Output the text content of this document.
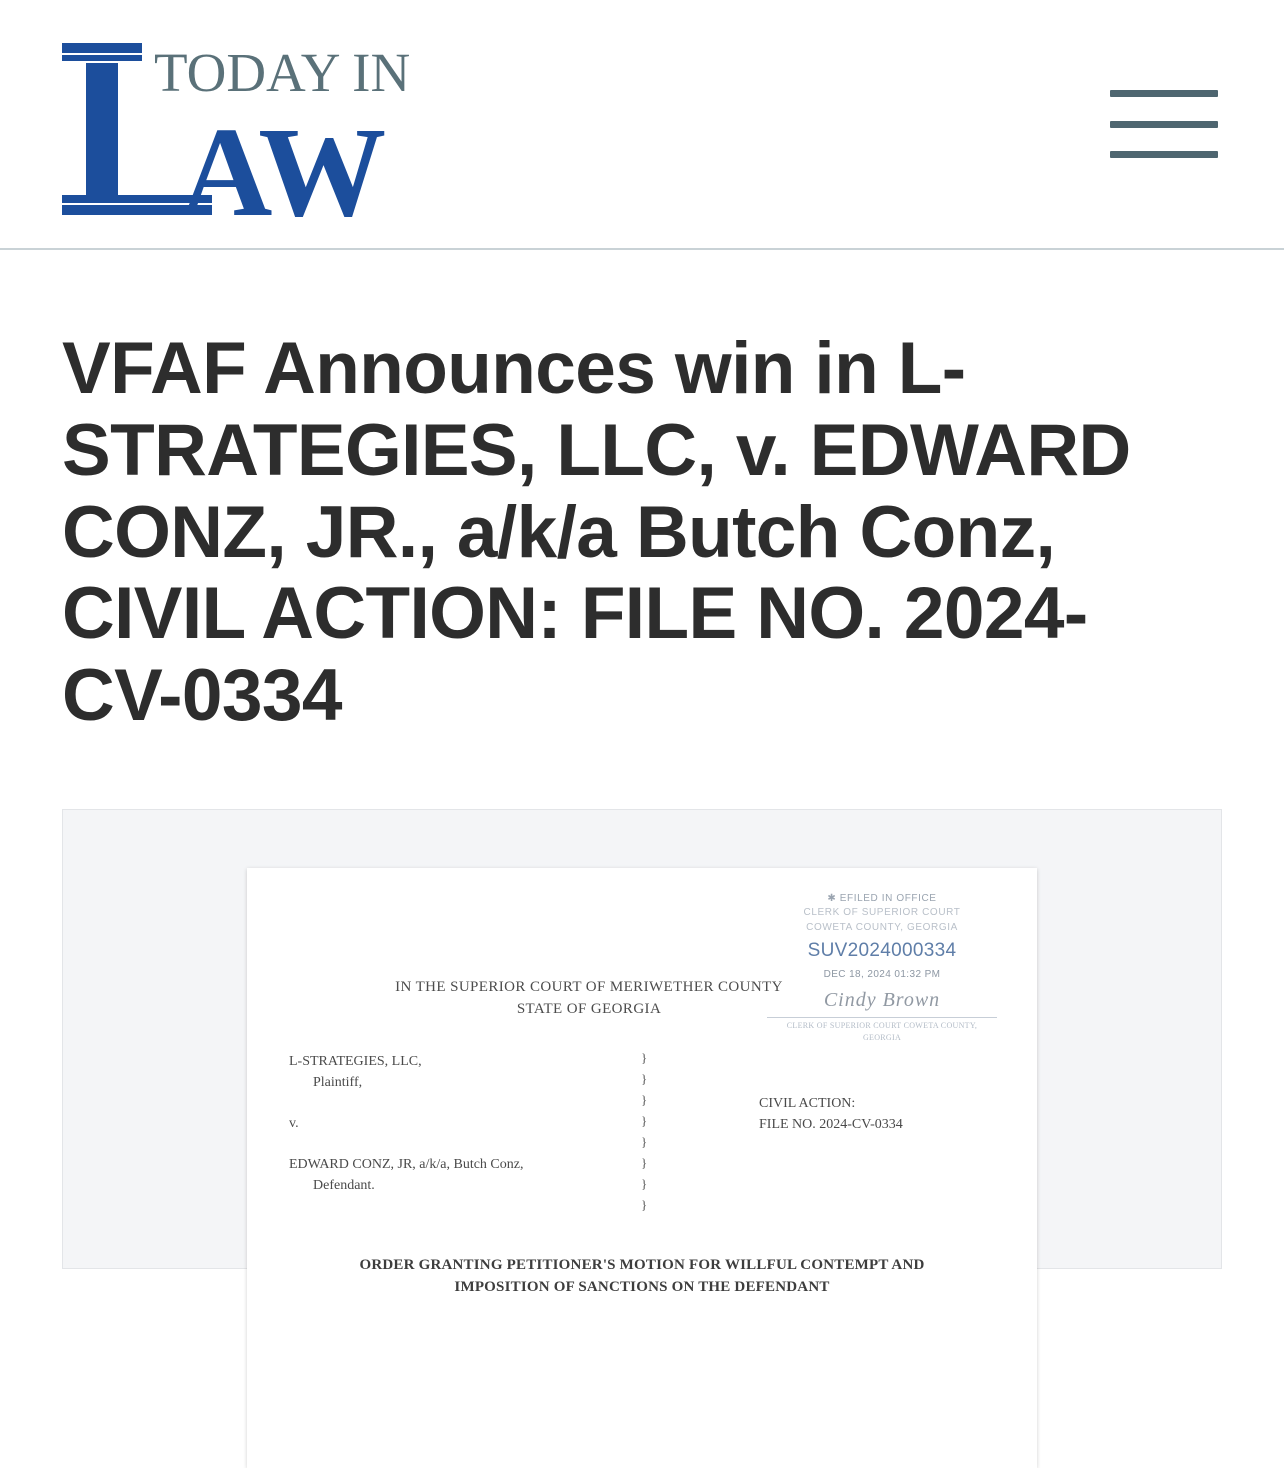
TODAY IN
AW
VFAF Announces win in L-STRATEGIES, LLC, v. EDWARD CONZ, JR., a/k/a Butch Conz, CIVIL ACTION: FILE NO. 2024-CV-0334
✱ EFILED IN OFFICE
CLERK OF SUPERIOR COURT
COWETA COUNTY, GEORGIA
SUV2024000334
DEC 18, 2024 01:32 PM
Cindy Brown
CLERK OF SUPERIOR COURT COWETA COUNTY, GEORGIA
IN THE SUPERIOR COURT OF MERIWETHER COUNTY
STATE OF GEORGIA
L-STRATEGIES, LLC,
Plaintiff,
v.
EDWARD CONZ, JR, a/k/a, Butch Conz,
Defendant.
}
}
}
}
}
}
}
}
CIVIL ACTION:
FILE NO. 2024-CV-0334
ORDER GRANTING PETITIONER'S MOTION FOR WILLFUL CONTEMPT AND
IMPOSITION OF SANCTIONS ON THE DEFENDANT
